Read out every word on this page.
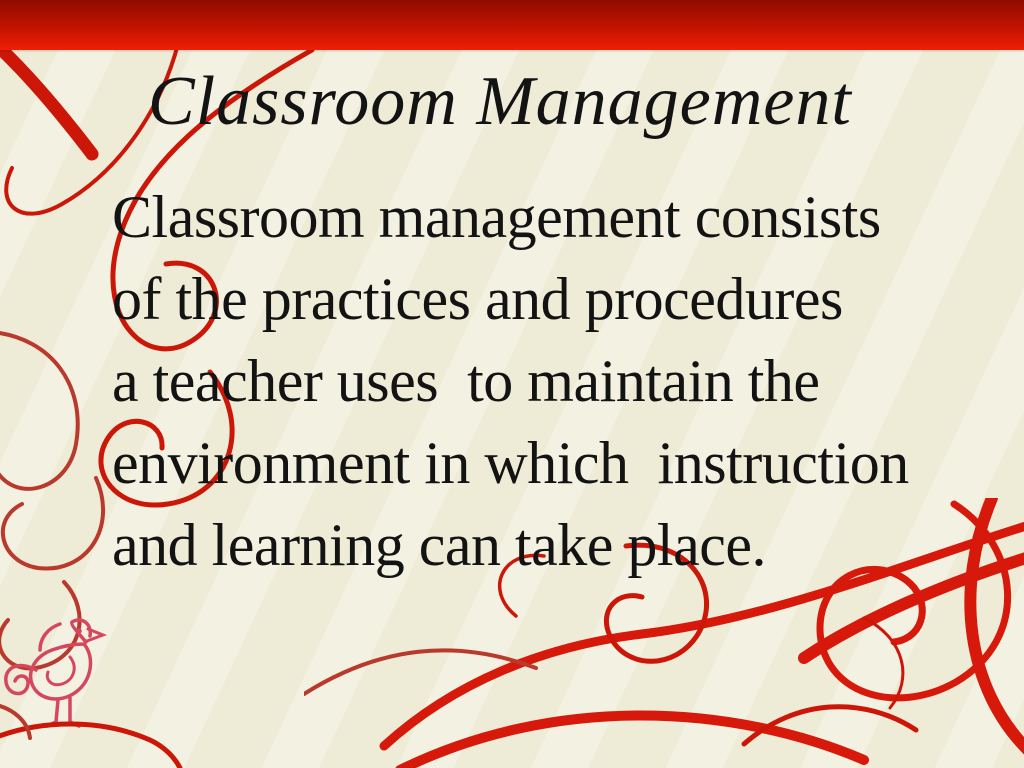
Classroom Management
Classroom management consists
of the practices and procedures
a teacher uses  to maintain the
environment in which  instruction
and learning can take place.
